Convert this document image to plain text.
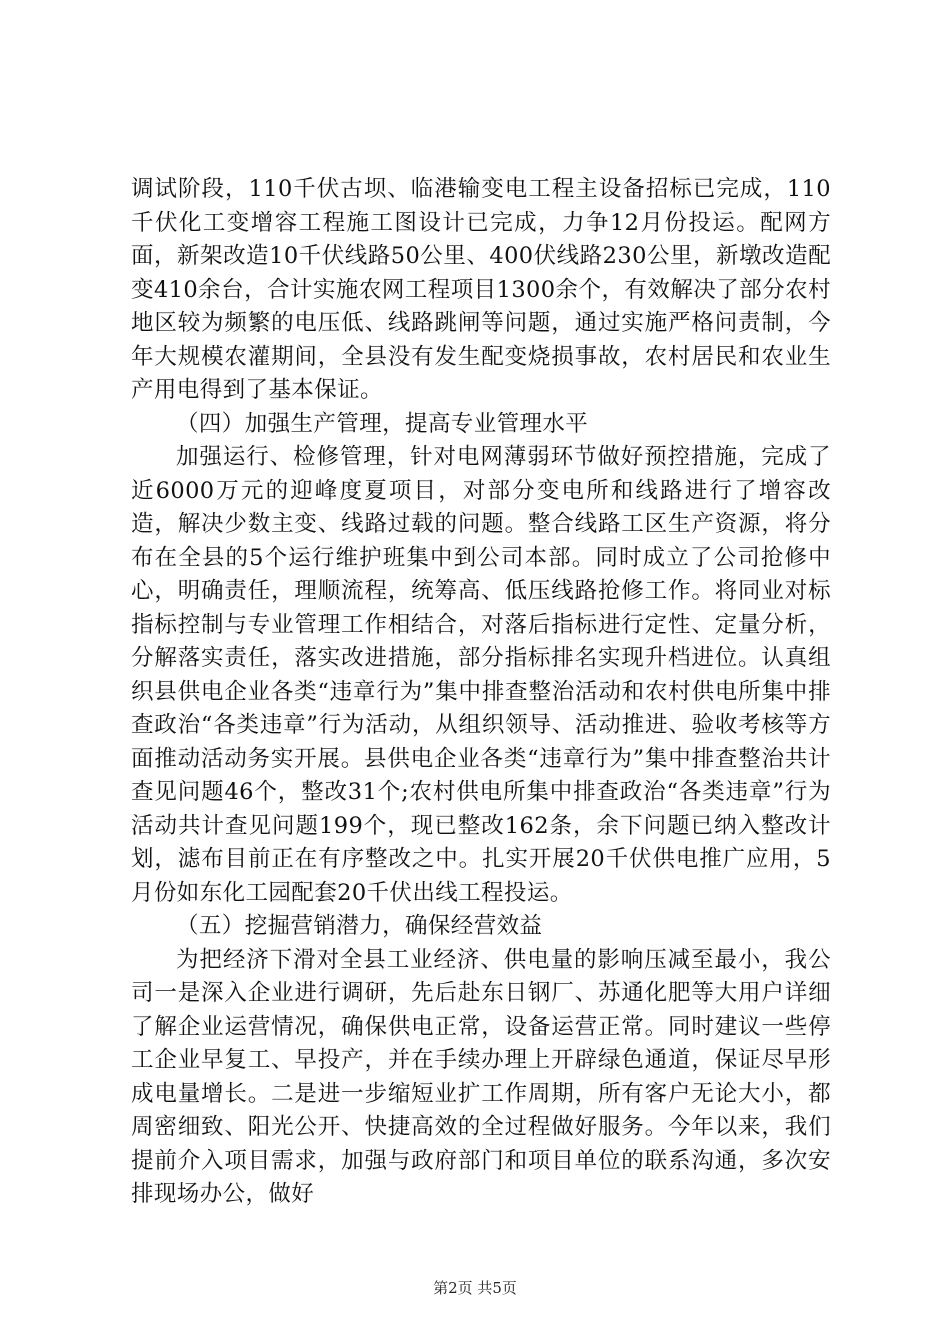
调试阶段，110千伏古坝、临港输变电工程主设备招标已完成，110千伏化工变增容工程施工图设计已完成，力争12月份投运。配网方面，新架改造10千伏线路50公里、400伏线路230公里，新墩改造配变410余台，合计实施农网工程项目1300余个，有效解决了部分农村地区较为频繁的电压低、线路跳闸等问题，通过实施严格问责制，今年大规模农灌期间，全县没有发生配变烧损事故，农村居民和农业生产用电得到了基本保证。

（四）加强生产管理，提高专业管理水平

加强运行、检修管理，针对电网薄弱环节做好预控措施，完成了近6000万元的迎峰度夏项目，对部分变电所和线路进行了增容改造，解决少数主变、线路过载的问题。整合线路工区生产资源，将分布在全县的5个运行维护班集中到公司本部。同时成立了公司抢修中心，明确责任，理顺流程，统筹高、低压线路抢修工作。将同业对标指标控制与专业管理工作相结合，对落后指标进行定性、定量分析，分解落实责任，落实改进措施，部分指标排名实现升档进位。认真组织县供电企业各类“违章行为”集中排查整治活动和农村供电所集中排查政治“各类违章”行为活动，从组织领导、活动推进、验收考核等方面推动活动务实开展。县供电企业各类“违章行为”集中排查整治共计查见问题46个，整改31个;农村供电所集中排查政治“各类违章”行为活动共计查见问题199个，现已整改162条，余下问题已纳入整改计划，滤布目前正在有序整改之中。扎实开展20千伏供电推广应用，5月份如东化工园配套20千伏出线工程投运。

（五）挖掘营销潜力，确保经营效益

为把经济下滑对全县工业经济、供电量的影响压减至最小，我公司一是深入企业进行调研，先后赴东日钢厂、苏通化肥等大用户详细了解企业运营情况，确保供电正常，设备运营正常。同时建议一些停工企业早复工、早投产，并在手续办理上开辟绿色通道，保证尽早形成电量增长。二是进一步缩短业扩工作周期，所有客户无论大小，都周密细致、阳光公开、快捷高效的全过程做好服务。今年以来，我们提前介入项目需求，加强与政府部门和项目单位的联系沟通，多次安排现场办公，做好

第2页 共5页
